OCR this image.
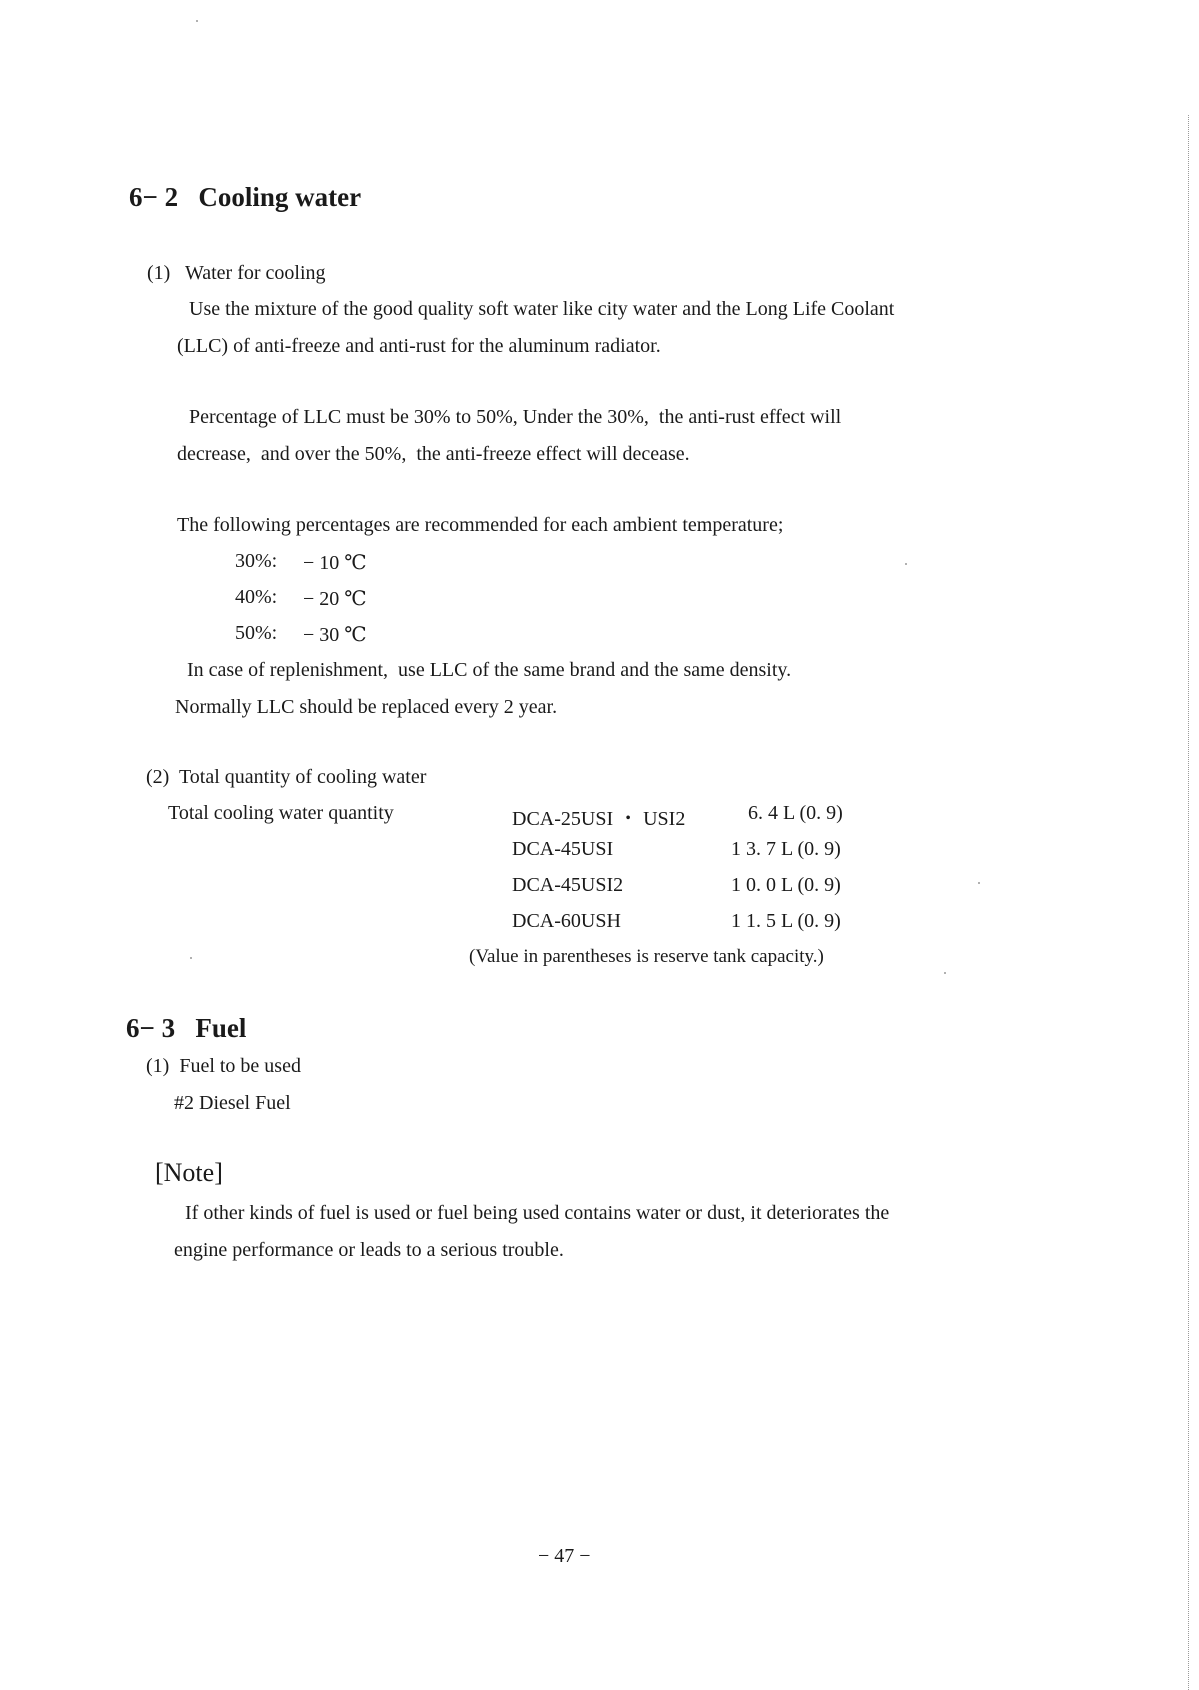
6− 2   Cooling water
(1)   Water for cooling
Use the mixture of the good quality soft water like city water and the Long Life Coolant
(LLC) of anti-freeze and anti-rust for the aluminum radiator.
Percentage of LLC must be 30% to 50%, Under the 30%,  the anti-rust effect will
decrease,  and over the 50%,  the anti-freeze effect will decease.
The following percentages are recommended for each ambient temperature;
30%: − 10 ℃
40%: − 20 ℃
50%: − 30 ℃
In case of replenishment,  use LLC of the same brand and the same density.
Normally LLC should be replaced every 2 year.
(2)  Total quantity of cooling water
Total cooling water quantity	DCA-25USI ・ USI2	6. 4 L (0. 9)
DCA-45USI	1 3. 7 L (0. 9)
DCA-45USI2	1 0. 0 L (0. 9)
DCA-60USH	1 1. 5 L (0. 9)
(Value in parentheses is reserve tank capacity.)
6− 3   Fuel
(1)  Fuel to be used
#2 Diesel Fuel
[Note]
If other kinds of fuel is used or fuel being used contains water or dust, it deteriorates the
engine performance or leads to a serious trouble.
− 47 −
